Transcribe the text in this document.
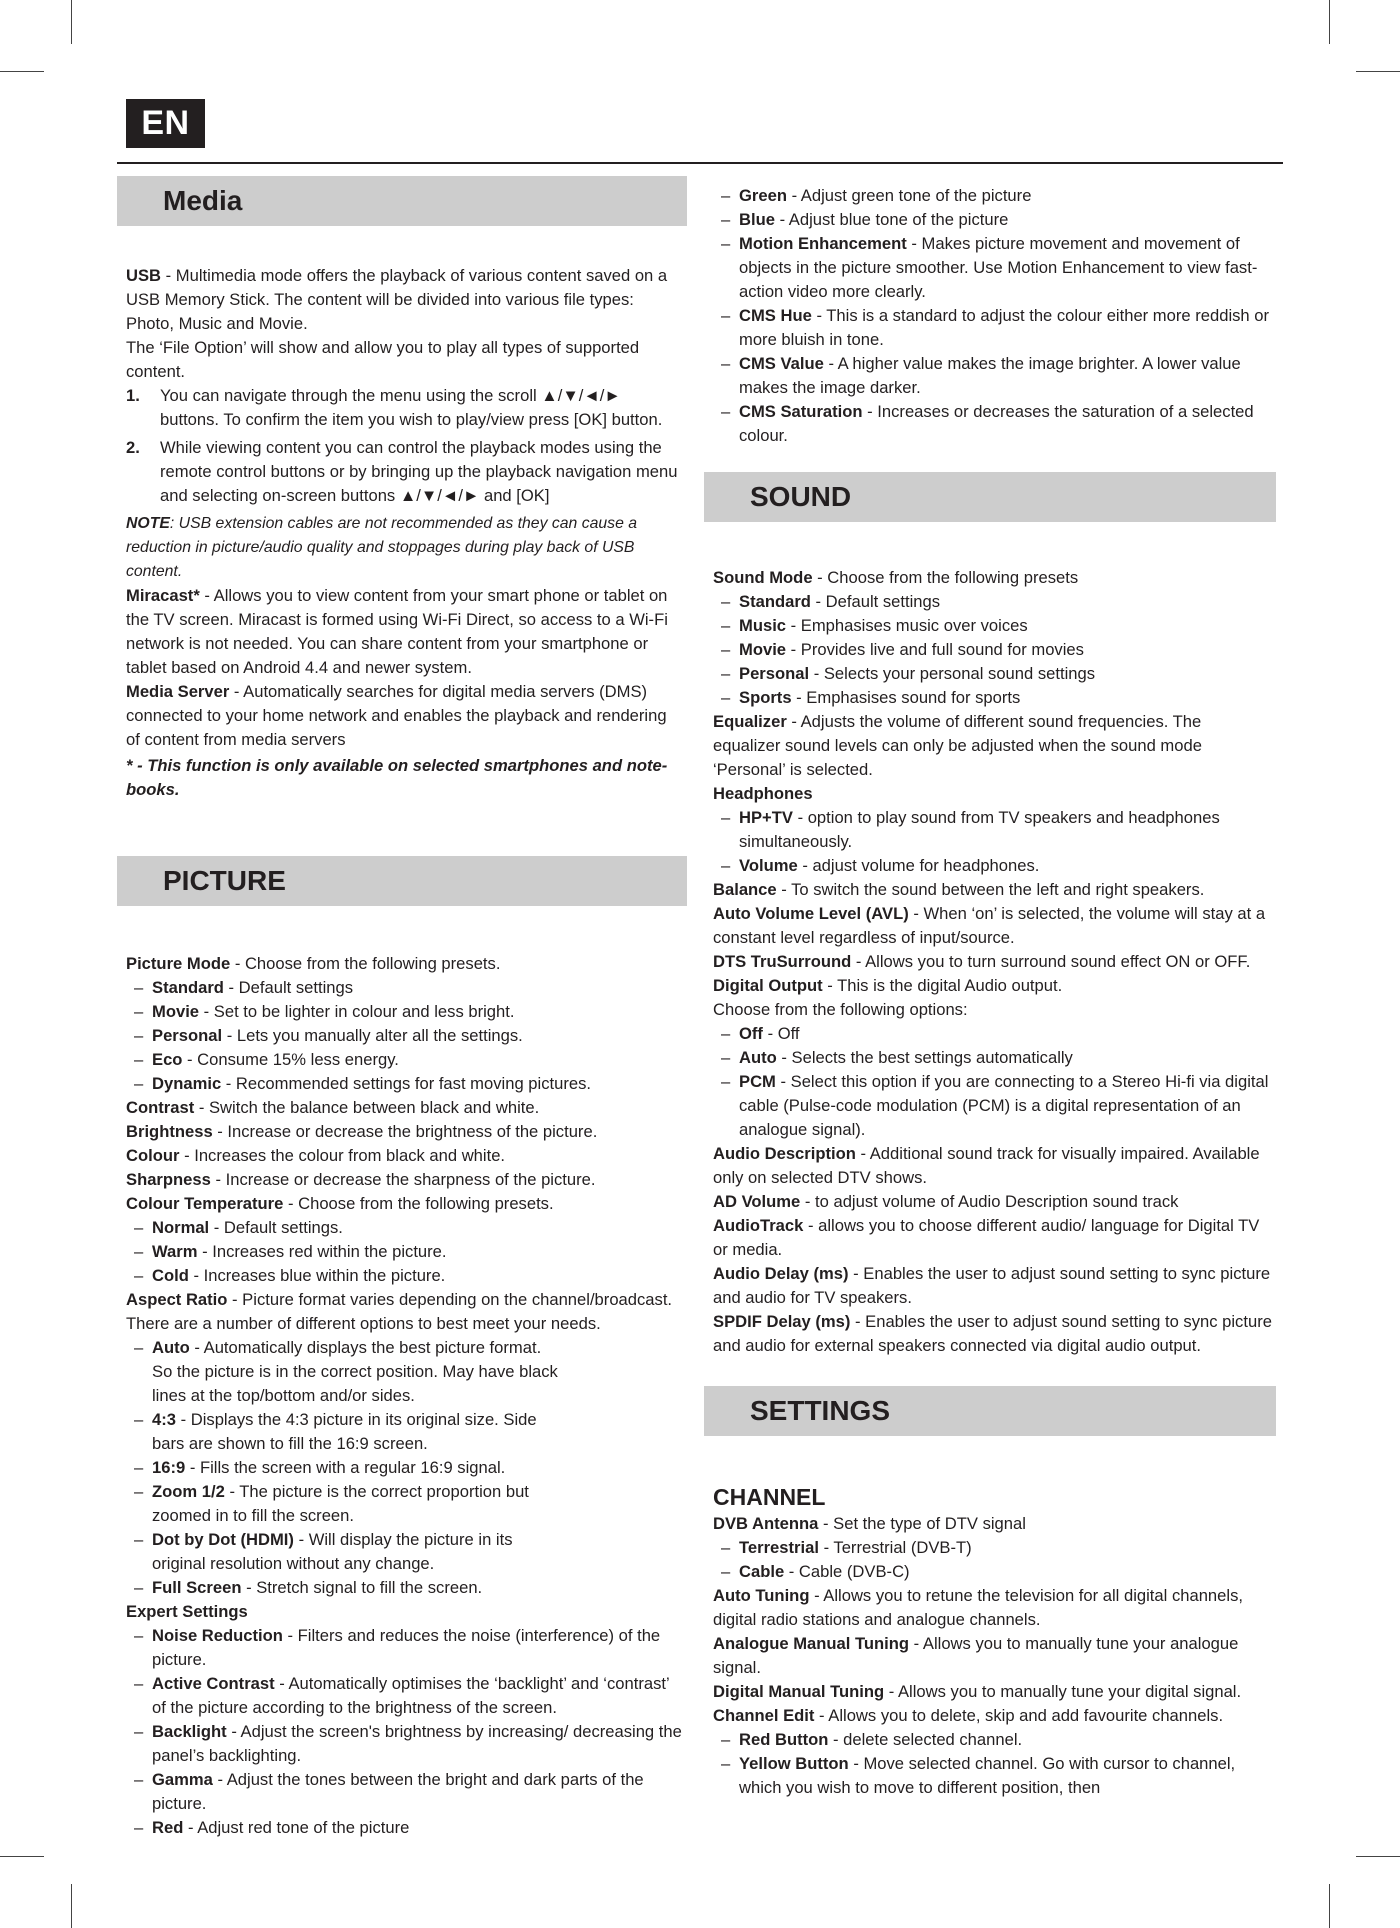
EN
Media

USB - Multimedia mode offers the playback of various content saved on a USB Memory Stick. The content will be divided into various file types: Photo, Music and Movie.

The ‘File Option’ will show and allow you to play all types of supported content.

1. You can navigate through the menu using the scroll ▲/▼/◄/► buttons. To confirm the item you wish to play/view press [OK] button.
2. While viewing content you can control the playback modes using the remote control buttons or by bringing up the playback navigation menu and selecting on-screen buttons ▲/▼/◄/► and [OK]

NOTE: USB extension cables are not recommended as they can cause a reduction in picture/audio quality and stoppages during play back of USB content.

Miracast* - Allows you to view content from your smart phone or tablet on the TV screen. Miracast is formed using Wi-Fi Direct, so access to a Wi-Fi network is not needed. You can share content from your smartphone or tablet based on Android 4.4 and newer system.

Media Server - Automatically searches for digital media servers (DMS) connected to your home network and enables the playback and rendering of content from media servers

* - This function is only available on selected smartphones and note-books.

PICTURE

Picture Mode - Choose from the following presets.

– Standard - Default settings
– Movie - Set to be lighter in colour and less bright.
– Personal - Lets you manually alter all the settings.
– Eco - Consume 15% less energy.
– Dynamic - Recommended settings for fast moving pictures.

Contrast - Switch the balance between black and white.

Brightness - Increase or decrease the brightness of the picture.

Colour - Increases the colour from black and white.

Sharpness - Increase or decrease the sharpness of the picture.

Colour Temperature - Choose from the following presets.

– Normal - Default settings.
– Warm - Increases red within the picture.
– Cold - Increases blue within the picture.

Aspect Ratio - Picture format varies depending on the channel/broadcast. There are a number of different options to best meet your needs.

– Auto - Automatically displays the best picture format. So the picture is in the correct position. May have black lines at the top/bottom and/or sides.
– 4:3 - Displays the 4:3 picture in its original size. Side bars are shown to fill the 16:9 screen.
– 16:9 - Fills the screen with a regular 16:9 signal.
– Zoom 1/2 - The picture is the correct proportion but zoomed in to fill the screen.
– Dot by Dot (HDMI) - Will display the picture in its original resolution without any change.
– Full Screen - Stretch signal to fill the screen.

Expert Settings

– Noise Reduction - Filters and reduces the noise (interference) of the picture.
– Active Contrast - Automatically optimises the ‘backlight’ and ‘contrast’ of the picture according to the brightness of the screen.
– Backlight - Adjust the screen's brightness by increasing/ decreasing the panel’s backlighting.
– Gamma - Adjust the tones between the bright and dark parts of the picture.
– Red - Adjust red tone of the picture
– Green - Adjust green tone of the picture
– Blue - Adjust blue tone of the picture
– Motion Enhancement - Makes picture movement and movement of objects in the picture smoother. Use Motion Enhancement to view fast-action video more clearly.
– CMS Hue - This is a standard to adjust the colour either more reddish or more bluish in tone.
– CMS Value - A higher value makes the image brighter. A lower value makes the image darker.
– CMS Saturation - Increases or decreases the saturation of a selected colour.
SOUND

Sound Mode - Choose from the following presets

– Standard - Default settings
– Music - Emphasises music over voices
– Movie - Provides live and full sound for movies
– Personal - Selects your personal sound settings
– Sports - Emphasises sound for sports

Equalizer - Adjusts the volume of different sound frequencies. The equalizer sound levels can only be adjusted when the sound mode ‘Personal’ is selected.

Headphones

– HP+TV - option to play sound from TV speakers and headphones simultaneously.
– Volume - adjust volume for headphones.

Balance - To switch the sound between the left and right speakers.

Auto Volume Level (AVL) - When ‘on’ is selected, the volume will stay at a constant level regardless of input/source.

DTS TruSurround - Allows you to turn surround sound effect ON or OFF.

Digital Output - This is the digital Audio output.

Choose from the following options:

– Off - Off
– Auto - Selects the best settings automatically
– PCM - Select this option if you are connecting to a Stereo Hi-fi via digital cable (Pulse-code modulation (PCM) is a digital representation of an analogue signal).

Audio Description - Additional sound track for visually impaired. Available only on selected DTV shows.

AD Volume - to adjust volume of Audio Description sound track

AudioTrack - allows you to choose different audio/ language for Digital TV or media.

Audio Delay (ms) - Enables the user to adjust sound setting to sync picture and audio for TV speakers.

SPDIF Delay (ms) - Enables the user to adjust sound setting to sync picture and audio for external speakers connected via digital audio output.

SETTINGS

CHANNEL

DVB Antenna - Set the type of DTV signal

– Terrestrial - Terrestrial (DVB-T)
– Cable - Cable (DVB-C)

Auto Tuning - Allows you to retune the television for all digital channels, digital radio stations and analogue channels.

Analogue Manual Tuning - Allows you to manually tune your analogue signal.

Digital Manual Tuning - Allows you to manually tune your digital signal.

Channel Edit - Allows you to delete, skip and add favourite channels.

– Red Button - delete selected channel.
– Yellow Button - Move selected channel. Go with cursor to channel, which you wish to move to different position, then
